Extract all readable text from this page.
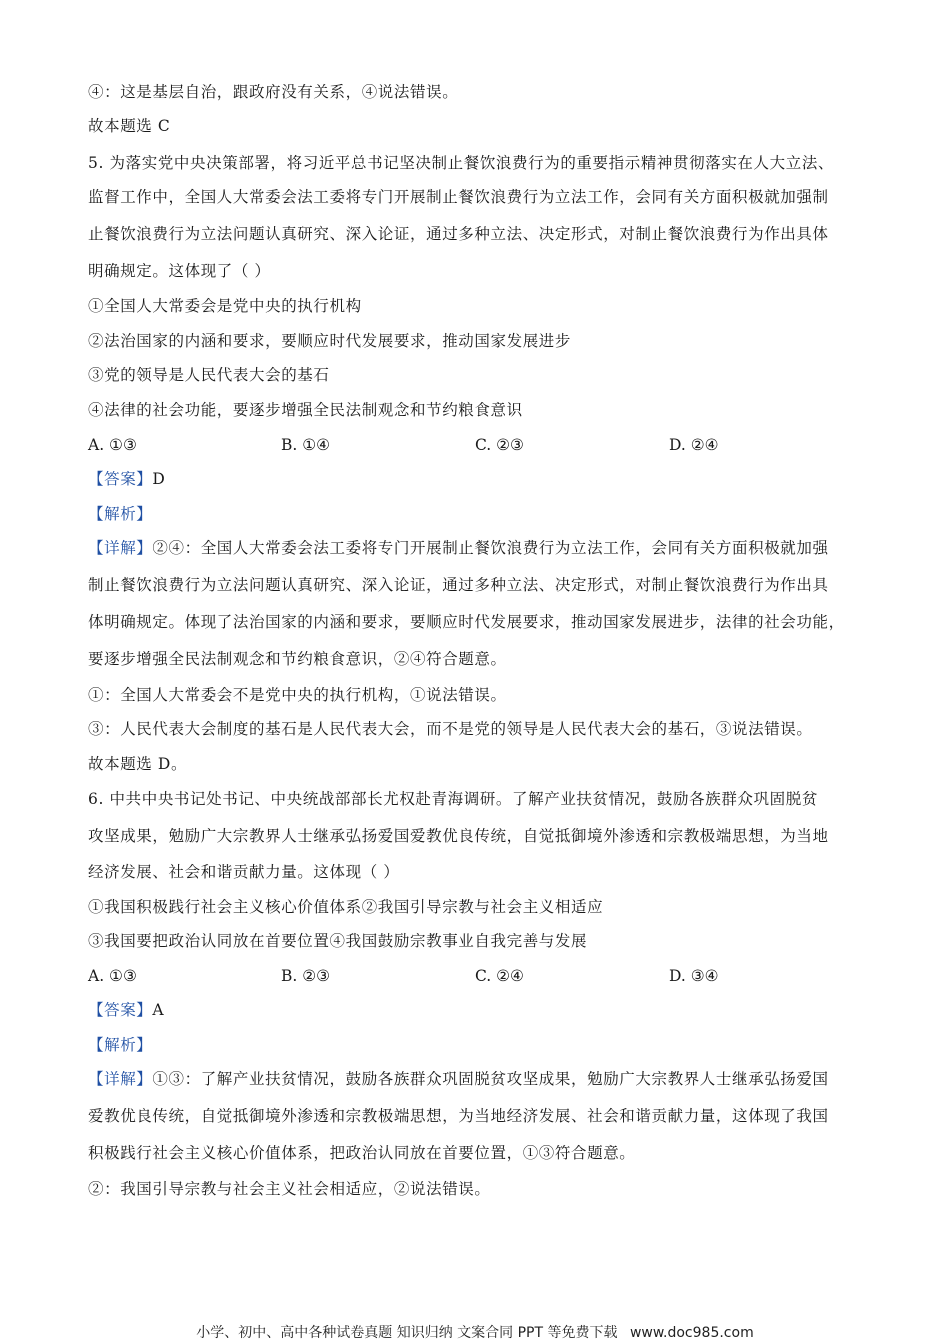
④：这是基层自治，跟政府没有关系，④说法错误。
故本题选 C
5. 为落实党中央决策部署，将习近平总书记坚决制止餐饮浪费行为的重要指示精神贯彻落实在人大立法、
监督工作中，全国人大常委会法工委将专门开展制止餐饮浪费行为立法工作，会同有关方面积极就加强制
止餐饮浪费行为立法问题认真研究、深入论证，通过多种立法、决定形式，对制止餐饮浪费行为作出具体
明确规定。这体现了（ ）
①全国人大常委会是党中央的执行机构
②法治国家的内涵和要求，要顺应时代发展要求，推动国家发展进步
③党的领导是人民代表大会的基石
④法律的社会功能，要逐步增强全民法制观念和节约粮食意识
A. ①③	B. ①④	C. ②③	D. ②④
【答案】D
【解析】
【详解】②④：全国人大常委会法工委将专门开展制止餐饮浪费行为立法工作，会同有关方面积极就加强
制止餐饮浪费行为立法问题认真研究、深入论证，通过多种立法、决定形式，对制止餐饮浪费行为作出具
体明确规定。体现了法治国家的内涵和要求，要顺应时代发展要求，推动国家发展进步，法律的社会功能，
要逐步增强全民法制观念和节约粮食意识，②④符合题意。
①：全国人大常委会不是党中央的执行机构，①说法错误。
③：人民代表大会制度的基石是人民代表大会，而不是党的领导是人民代表大会的基石，③说法错误。
故本题选 D。
6. 中共中央书记处书记、中央统战部部长尤权赴青海调研。了解产业扶贫情况，鼓励各族群众巩固脱贫
攻坚成果，勉励广大宗教界人士继承弘扬爱国爱教优良传统，自觉抵御境外渗透和宗教极端思想，为当地
经济发展、社会和谐贡献力量。这体现（ ）
①我国积极践行社会主义核心价值体系②我国引导宗教与社会主义相适应
③我国要把政治认同放在首要位置④我国鼓励宗教事业自我完善与发展
A. ①③	B. ②③	C. ②④	D. ③④
【答案】A
【解析】
【详解】①③：了解产业扶贫情况，鼓励各族群众巩固脱贫攻坚成果，勉励广大宗教界人士继承弘扬爱国
爱教优良传统，自觉抵御境外渗透和宗教极端思想，为当地经济发展、社会和谐贡献力量，这体现了我国
积极践行社会主义核心价值体系，把政治认同放在首要位置，①③符合题意。
②：我国引导宗教与社会主义社会相适应，②说法错误。
小学、初中、高中各种试卷真题 知识归纳 文案合同 PPT 等免费下载 www.doc985.com
